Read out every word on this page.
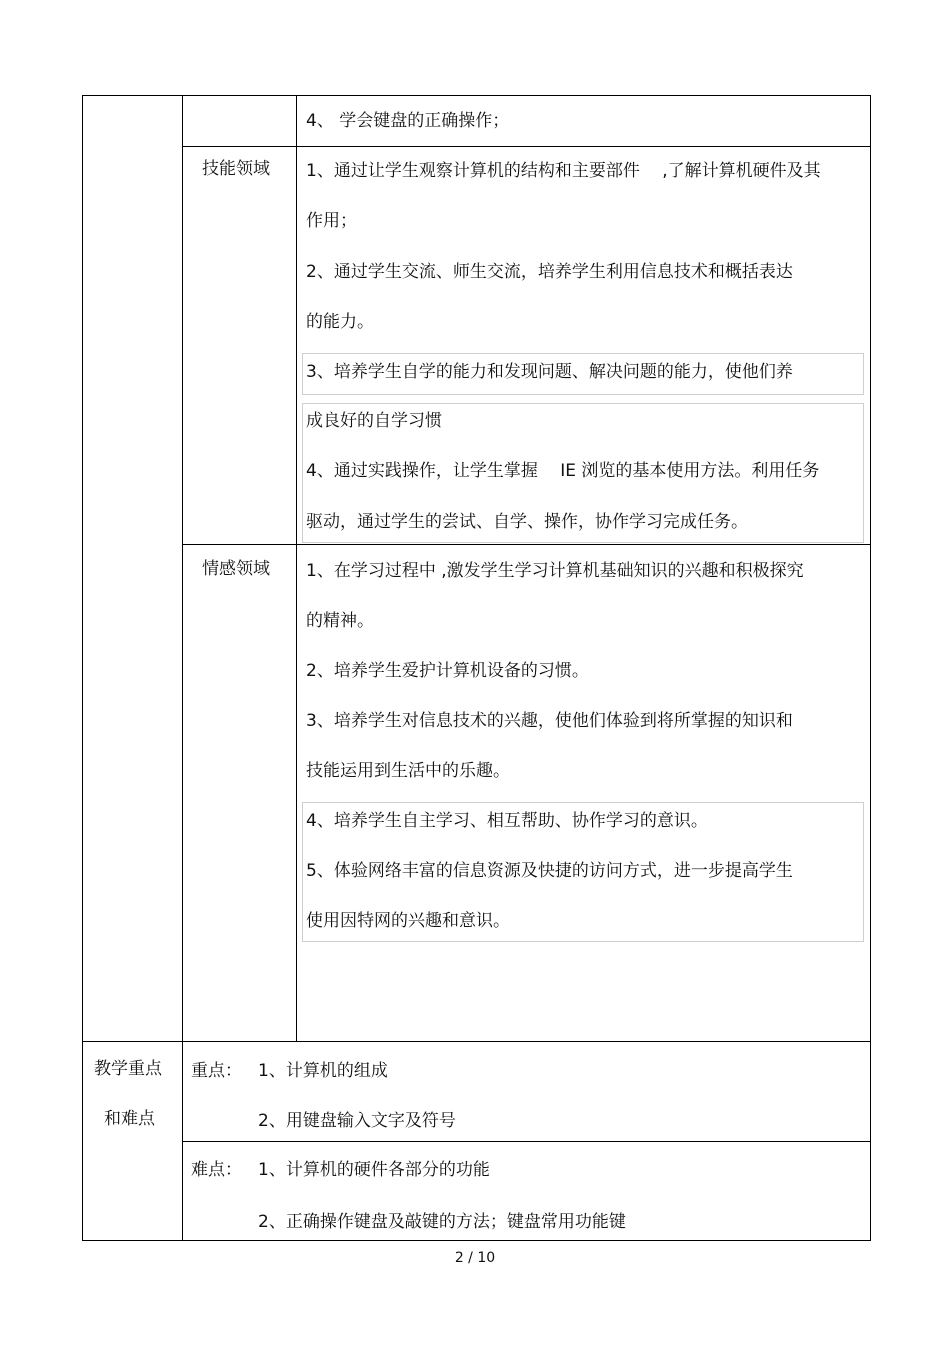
4、 学会键盘的正确操作；
技能领域 1、通过让学生观察计算机的结构和主要部件　 ,了解计算机硬件及其
作用；
2、通过学生交流、师生交流，培养学生利用信息技术和概括表达
的能力。
3、培养学生自学的能力和发现问题、解决问题的能力，使他们养
成良好的自学习惯
4、通过实践操作，让学生掌握　 IE 浏览的基本使用方法。利用任务
驱动，通过学生的尝试、自学、操作，协作学习完成任务。
情感领域 1、在学习过程中 ,激发学生学习计算机基础知识的兴趣和积极探究
的精神。
2、培养学生爱护计算机设备的习惯。
3、培养学生对信息技术的兴趣，使他们体验到将所掌握的知识和
技能运用到生活中的乐趣。
4、培养学生自主学习、相互帮助、协作学习的意识。
5、体验网络丰富的信息资源及快捷的访问方式，进一步提高学生
使用因特网的兴趣和意识。
教学重点
和难点
重点： 1、计算机的组成
2、用键盘输入文字及符号
难点： 1、计算机的硬件各部分的功能
2、正确操作键盘及敲键的方法；键盘常用功能键
2 / 10
